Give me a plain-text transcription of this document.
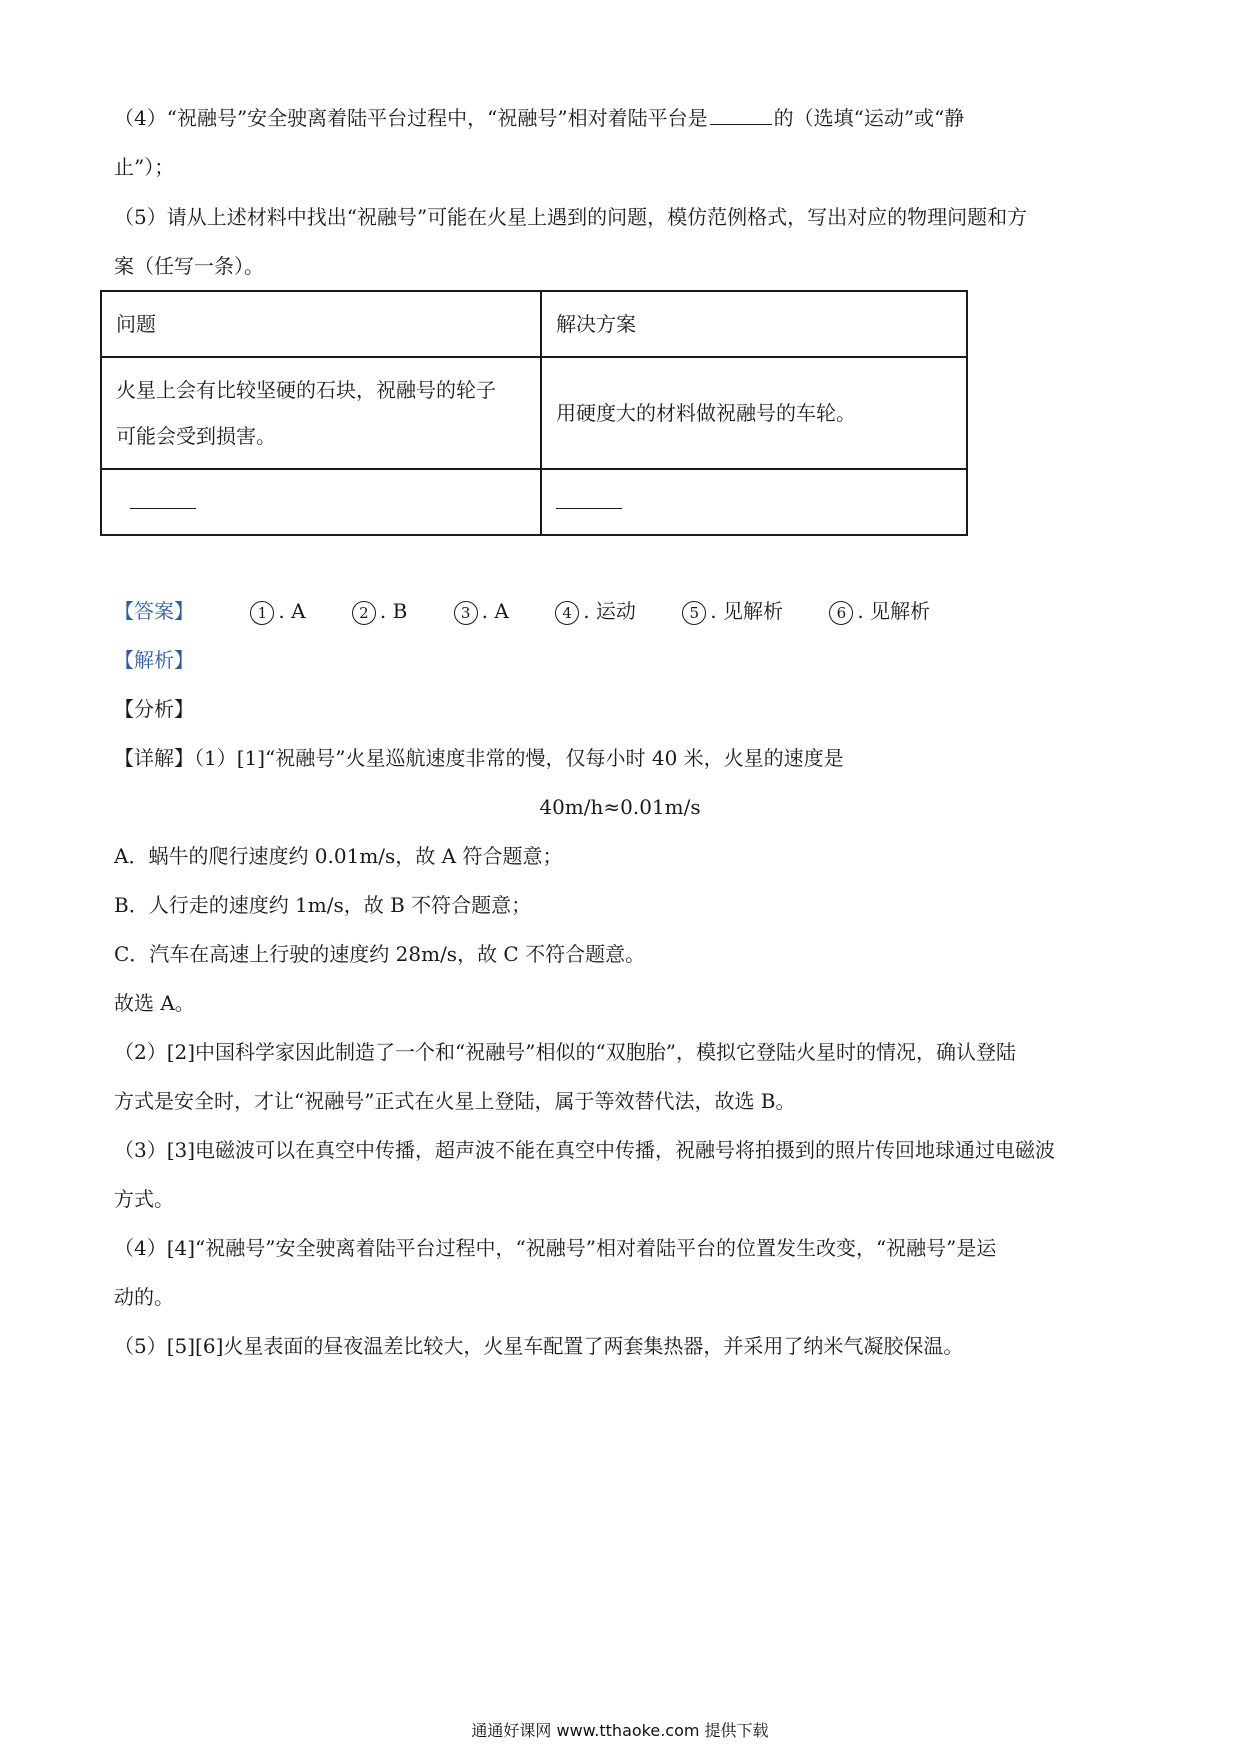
（4）“祝融号”安全驶离着陆平台过程中，“祝融号”相对着陆平台是	的（选填“运动”或“静
止”）；
（5）请从上述材料中找出“祝融号”可能在火星上遇到的问题，模仿范例格式，写出对应的物理问题和方
案（任写一条）。
问题	解决方案

火星上会有比较坚硬的石块，祝融号的轮子
可能会受到损害。	用硬度大的材料做祝融号的车轮。

【答案】	1 . A	2 . B	3 . A	4 . 运动	5 . 见解析	6 . 见解析
【解析】
【分析】
【详解】（1）[1]“祝融号”火星巡航速度非常的慢，仅每小时 40 米，火星的速度是
40m/h≈0.01m/s
A．蜗牛的爬行速度约 0.01m/s，故 A 符合题意；
B．人行走的速度约 1m/s，故 B 不符合题意；
C．汽车在高速上行驶的速度约 28m/s，故 C 不符合题意。
故选 A。
（2）[2]中国科学家因此制造了一个和“祝融号”相似的“双胞胎”，模拟它登陆火星时的情况，确认登陆
方式是安全时，才让“祝融号”正式在火星上登陆，属于等效替代法，故选 B。
（3）[3]电磁波可以在真空中传播，超声波不能在真空中传播，祝融号将拍摄到的照片传回地球通过电磁波
方式。
（4）[4]“祝融号”安全驶离着陆平台过程中，“祝融号”相对着陆平台的位置发生改变，“祝融号”是运
动的。
（5）[5][6]火星表面的昼夜温差比较大，火星车配置了两套集热器，并采用了纳米气凝胶保温。
通通好课网 www.tthaoke.com 提供下载
